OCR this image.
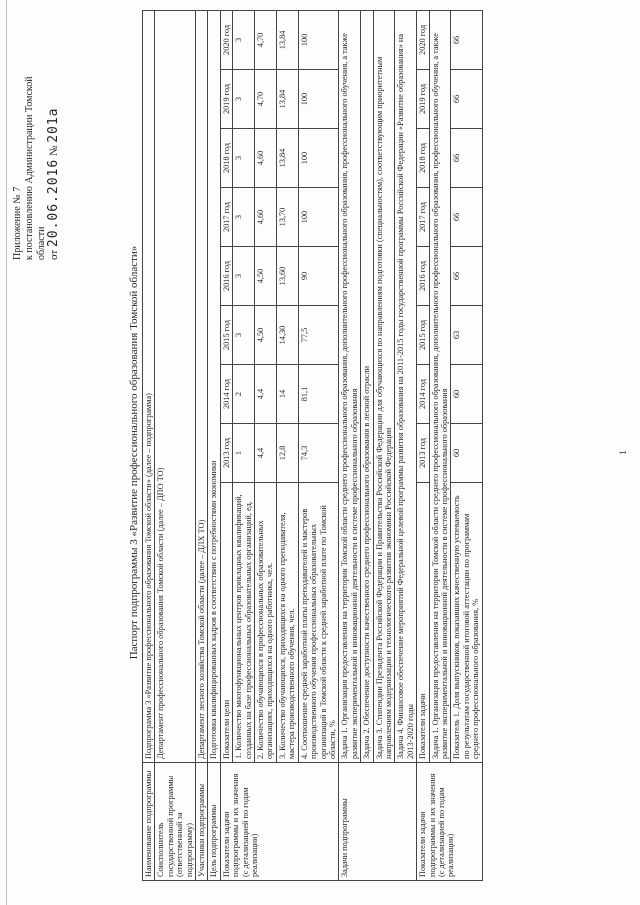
Приложение № 7 к постановлению Администрации Томской области от 20.06.2016 № 201а
Паспорт подпрограммы 3 «Развитие профессионального образования Томской области»
Наименование подпрограммы	Подпрограмма 3 «Развитие профессионального образования Томской области» (далее – подпрограмма)								
Соисполнитель государственной программы (ответственный за подпрограмму)	Департамент профессионального образования Томской области (далее – ДПО ТО)								
Участники подпрограммы	Департамент лесного хозяйства Томской области (далее – ДЛХ ТО)								
Цель подпрограммы	Подготовка квалифицированных кадров в соответствии с потребностями экономики								
Показатели задачи подпрограммы и их значения (с детализацией по годам реализации)	Показатели цели	2013 год	2014 год	2015 год	2016 год	2017 год	2018 год	2019 год	2020 год
	1. Количество многофункциональных центров прикладных квалификаций, созданных на базе профессиональных образовательных организаций, ед.	1	2	3	3	3	3	3	3
	2. Количество обучающихся в профессиональных образовательных организациях, приходящихся на одного работника, чел.	4,4	4,4	4,50	4,50	4,60	4,60	4,70	4,70
	3. Количество обучающихся, приходящихся на одного преподавателя, мастера производственного обучения, чел.	12,8	14	14,30	13,60	13,70	13,84	13,84	13,84
	4. Соотношение средней заработной платы преподавателей и мастеров производственного обучения профессиональных образовательных организаций в Томской области к средней заработной плате по Томской области, %	74,3	81,1	77,5	90	100	100	100	100
Задачи подпрограммы	Задача 1. Организация предоставления на территории Томской области среднего профессионального образования, дополнительного профессионального образования, профессионального обучения, а также развитие экспериментальной и инновационной деятельности в системе профессионального образования								
	Задача 2. Обеспечение доступности качественного среднего профессионального образования в лесной отрасли								
	Задача 3. Стипендии Президента Российской Федерации и Правительства Российской Федерации для обучающихся по направлениям подготовки (специальностям), соответствующим приоритетным направлениям модернизации и технологического развития экономики Российской Федерации								
	Задача 4. Финансовое обеспечение мероприятий Федеральной целевой программы развития образования на 2011-2015 годы государственной программы Российской Федерации «Развитие образования» на 2013-2020 годы								
Показатели задачи подпрограммы и их значения (с детализацией по годам реализации)	Показатели задачи	2013 год	2014 год	2015 год	2016 год	2017 год	2018 год	2019 год	2020 год
	Задача 1. Организация предоставления на территории Томской области среднего профессионального образования, дополнительного профессионального образования, профессионального обучения, а также развитие экспериментальной и инновационной деятельности в системе профессионального образования								
	Показатель 1. Доля выпускников, показавших качественную успеваемость по результатам государственной итоговой аттестации по программам среднего профессионального образования, %	60	60	63	66	66	66	66	66
1
